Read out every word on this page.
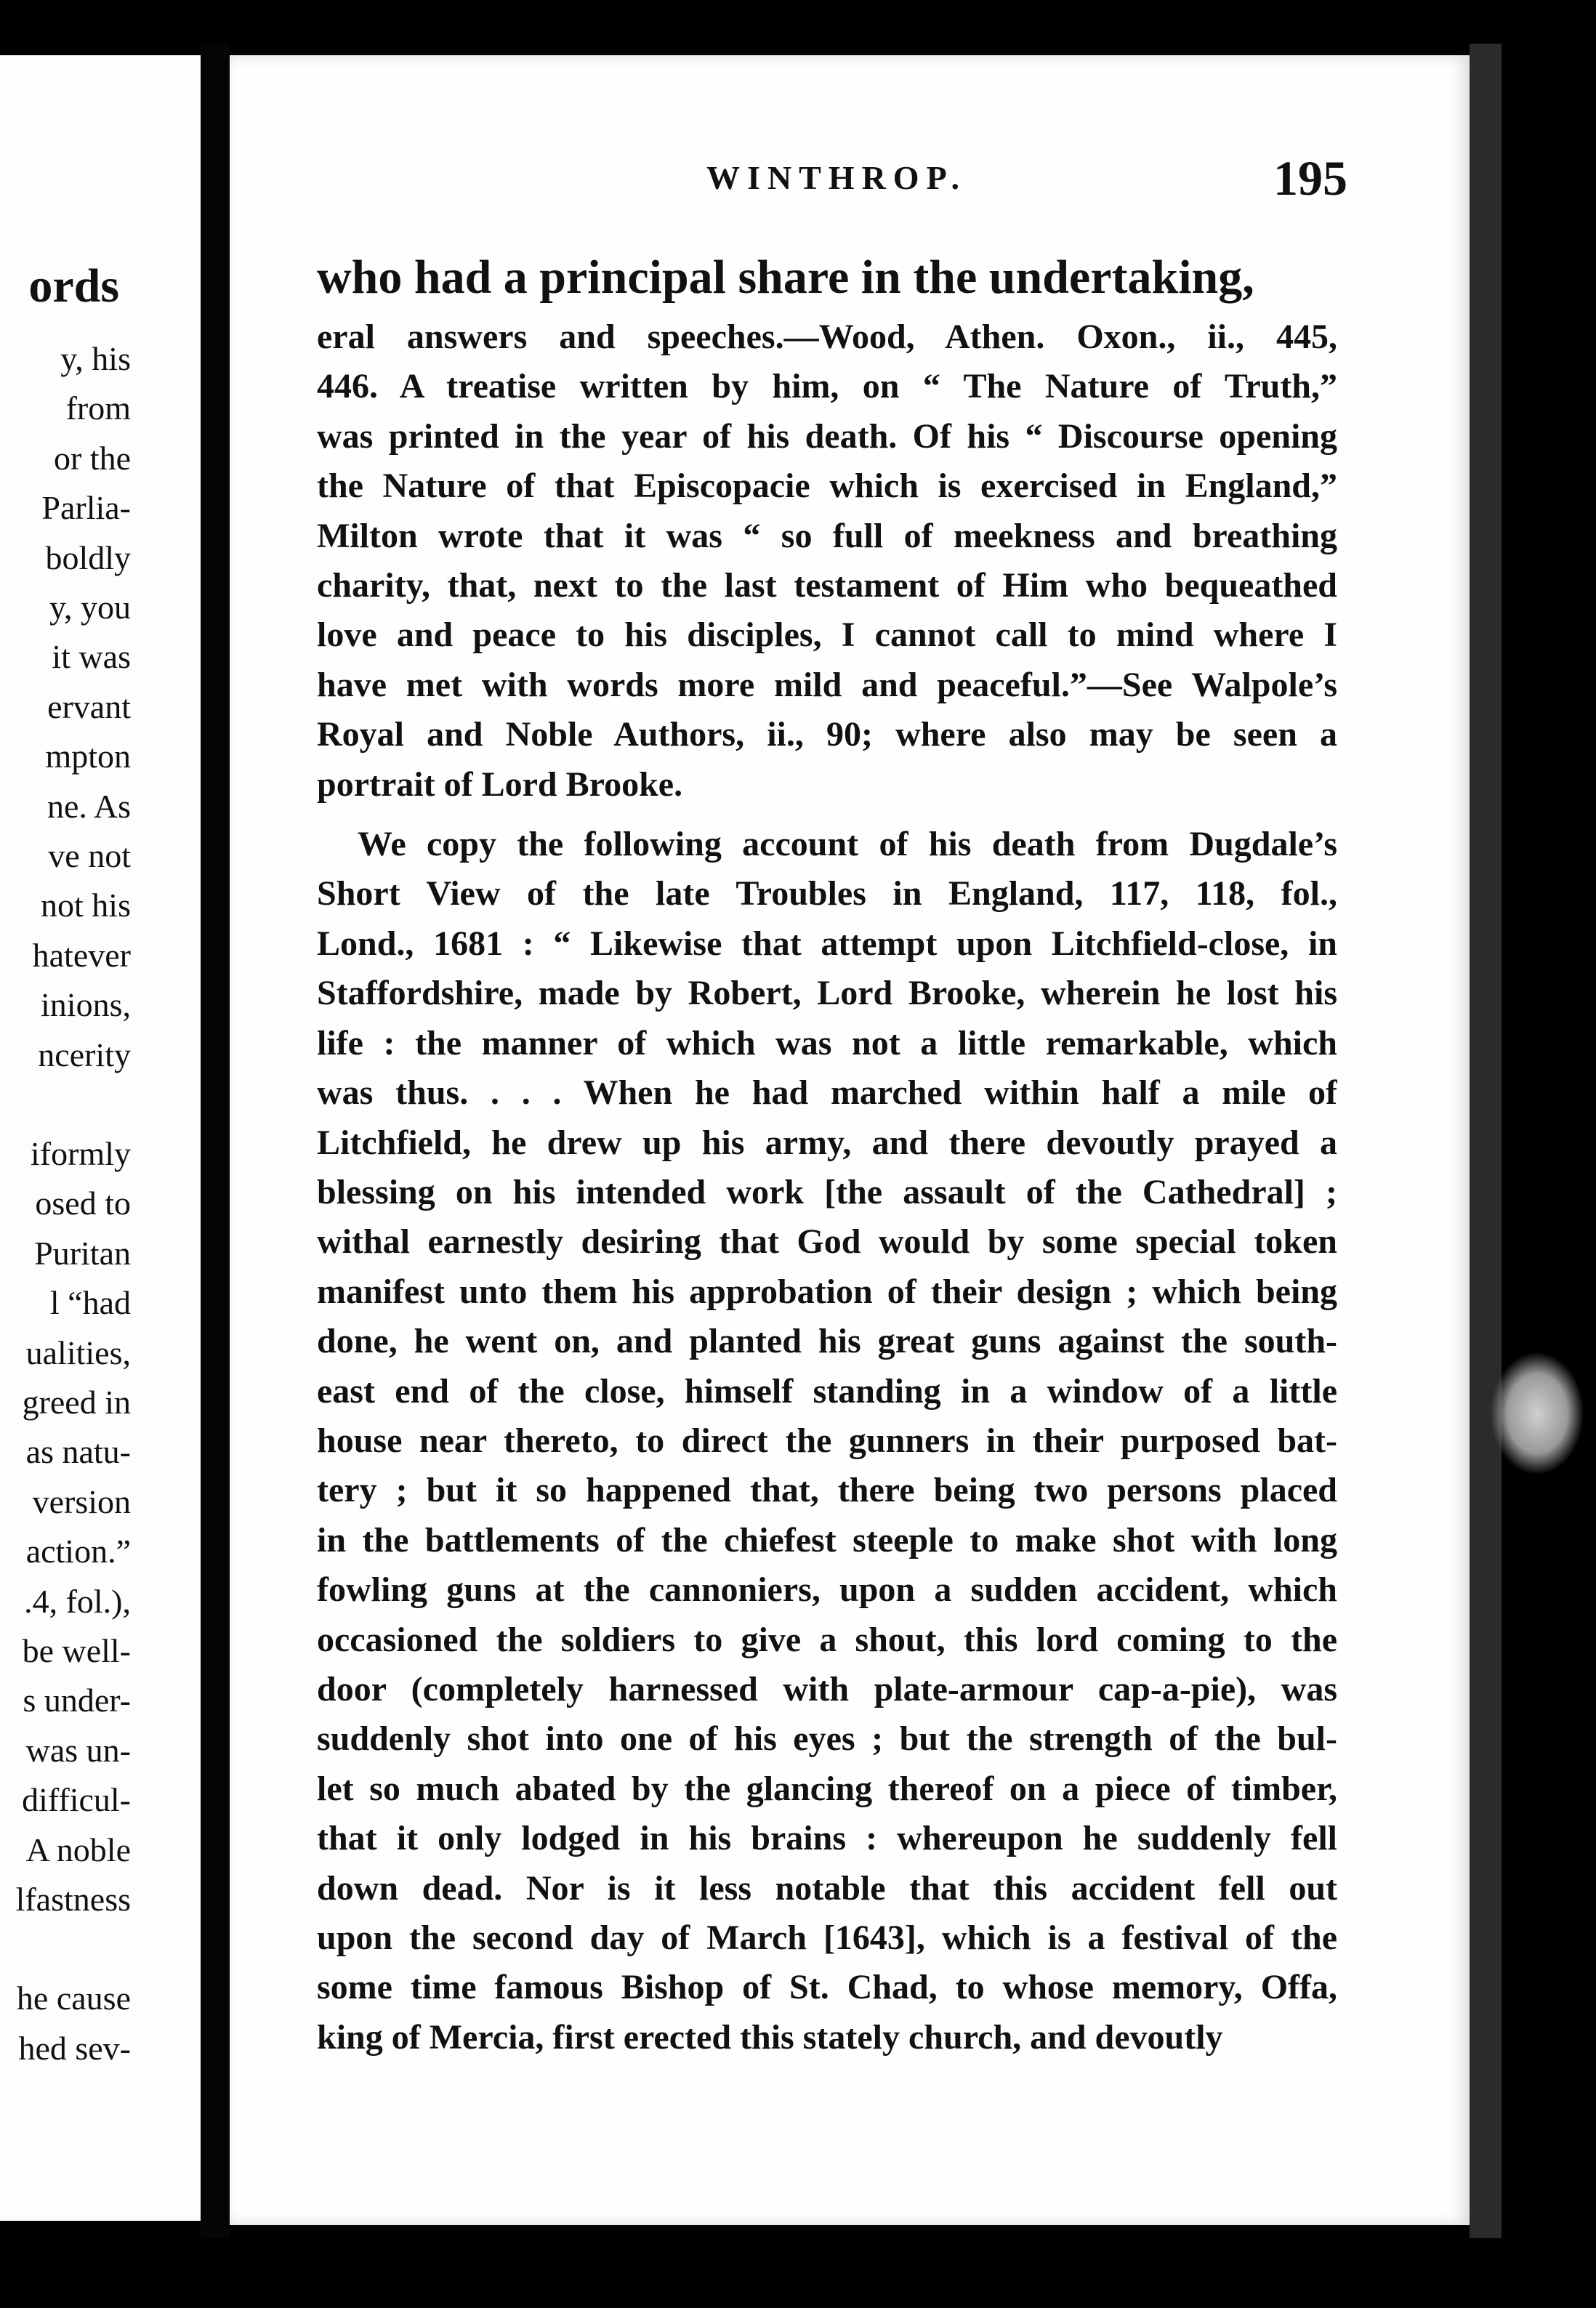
ords
y, his
from
or the
Parlia-
boldly
y, you
it was
ervant
mpton
ne. As
ve not
not his
hatever
inions,
ncerity
iformly
osed to
Puritan
l “had
ualities,
greed in
as natu-
version
action.”
.4, fol.),
be well-
s under-
was un-
difficul-
A noble
lfastness
he cause
hed sev-
WINTHROP.	195
who had a principal share in the undertaking,
eral answers and speeches.—Wood, Athen. Oxon., ii., 445,
446. A treatise written by him, on “ The Nature of Truth,”
was printed in the year of his death. Of his “ Discourse opening
the Nature of that Episcopacie which is exercised in England,”
Milton wrote that it was “ so full of meekness and breathing
charity, that, next to the last testament of Him who bequeathed
love and peace to his disciples, I cannot call to mind where I
have met with words more mild and peaceful.”—See Walpole’s
Royal and Noble Authors, ii., 90; where also may be seen a
portrait of Lord Brooke.
We copy the following account of his death from Dugdale’s
Short View of the late Troubles in England, 117, 118, fol.,
Lond., 1681 : “ Likewise that attempt upon Litchfield-close, in
Staffordshire, made by Robert, Lord Brooke, wherein he lost his
life : the manner of which was not a little remarkable, which
was thus. . . . When he had marched within half a mile of
Litchfield, he drew up his army, and there devoutly prayed a
blessing on his intended work [the assault of the Cathedral] ;
withal earnestly desiring that God would by some special token
manifest unto them his approbation of their design ; which being
done, he went on, and planted his great guns against the south-
east end of the close, himself standing in a window of a little
house near thereto, to direct the gunners in their purposed bat-
tery ; but it so happened that, there being two persons placed
in the battlements of the chiefest steeple to make shot with long
fowling guns at the cannoniers, upon a sudden accident, which
occasioned the soldiers to give a shout, this lord coming to the
door (completely harnessed with plate-armour cap-a-pie), was
suddenly shot into one of his eyes ; but the strength of the bul-
let so much abated by the glancing thereof on a piece of timber,
that it only lodged in his brains : whereupon he suddenly fell
down dead. Nor is it less notable that this accident fell out
upon the second day of March [1643], which is a festival of the
some time famous Bishop of St. Chad, to whose memory, Offa,
king of Mercia, first erected this stately church, and devoutly
